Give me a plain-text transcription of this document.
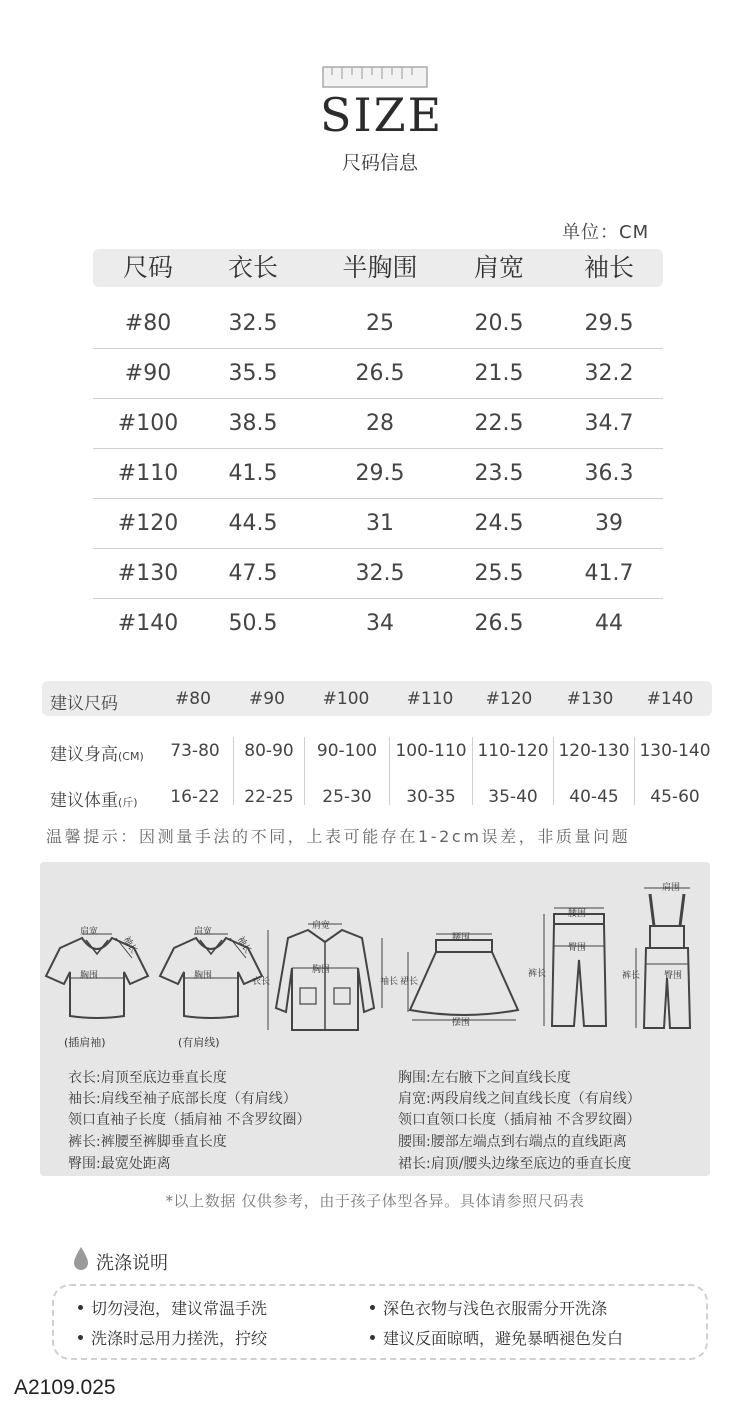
SIZE
尺码信息
单位：CM
尺码	衣长	半胸围	肩宽	袖长
#80	32.5	25	20.5	29.5
#90	35.5	26.5	21.5	32.2
#100	38.5	28	22.5	34.7
#110	41.5	29.5	23.5	36.3
#120	44.5	31	24.5	39
#130	47.5	32.5	25.5	41.7
#140	50.5	34	26.5	44
建议尺码	#80	#90	#100	#110	#120	#130	#140
建议身高(CM)	73-80	80-90	90-100	100-110 110-120 120-130 130-140
建议体重(斤)	16-22	22-25	25-30	30-35	35-40	40-45	45-60
温馨提示：因测量手法的不同，上表可能存在1-2cm误差，非质量问题
肩宽
袖长
胸围
(插肩袖)
肩宽
袖长
胸围
(有肩线)
肩宽
胸围
衣长	袖长
腰围
裙长
摆围
腰围
臀围
裤长
肩围
臀围
裤长
衣长:肩顶至底边垂直长度
袖长:肩线至袖子底部长度（有肩线）
领口直袖子长度（插肩袖 不含罗纹圈）
裤长:裤腰至裤脚垂直长度
臀围:最宽处距离
胸围:左右腋下之间直线长度
肩宽:两段肩线之间直线长度（有肩线）
领口直领口长度（插肩袖 不含罗纹圈）
腰围:腰部左端点到右端点的直线距离
裙长:肩顶/腰头边缘至底边的垂直长度
*以上数据 仅供参考，由于孩子体型各异。具体请参照尺码表
洗涤说明
切勿浸泡，建议常温手洗	深色衣物与浅色衣服需分开洗涤
洗涤时忌用力搓洗，拧绞	建议反面晾晒，避免暴晒褪色发白
A2109.025
